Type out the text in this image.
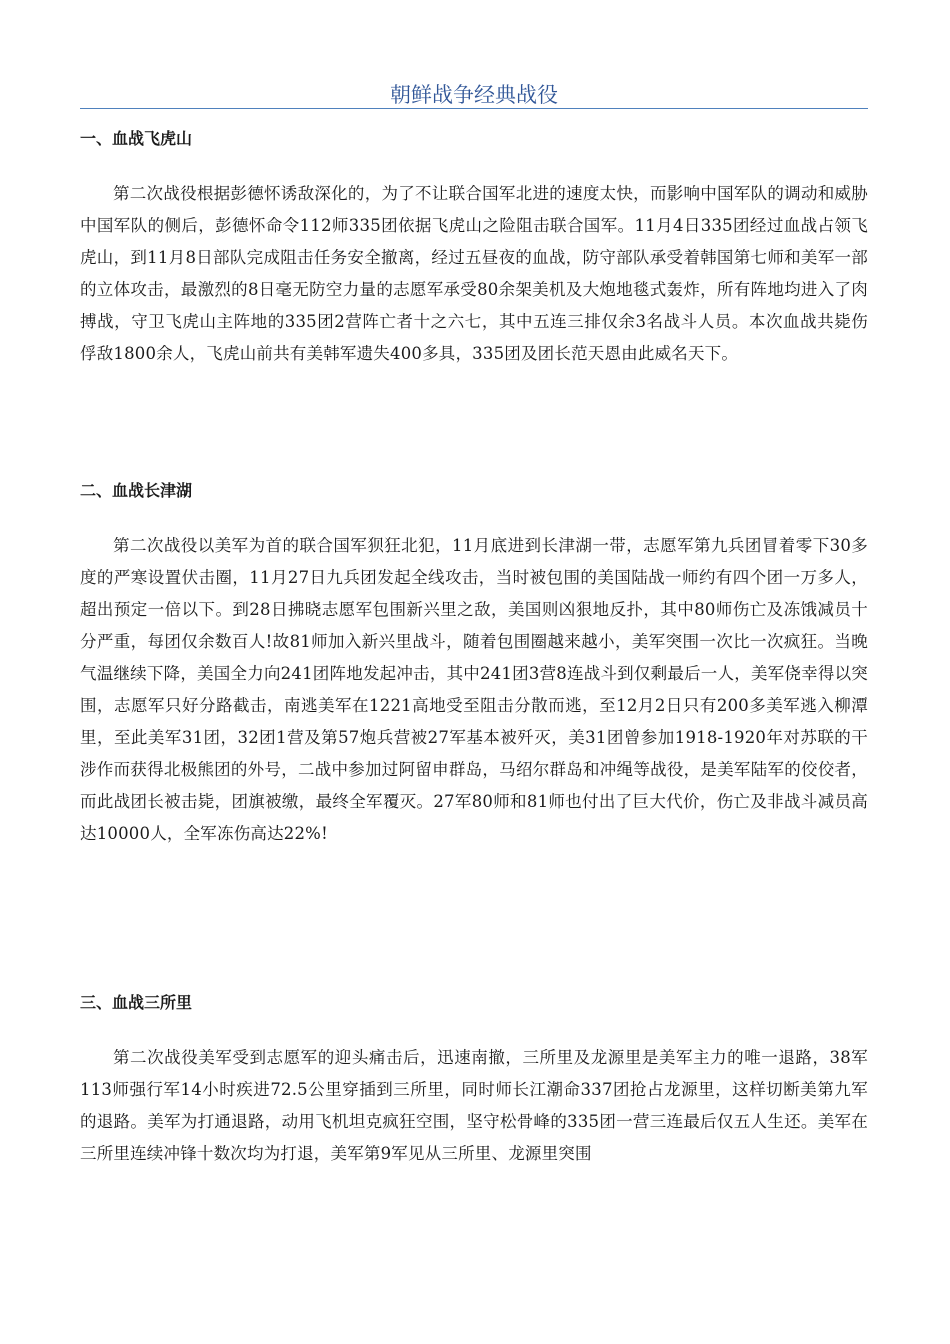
朝鲜战争经典战役
一、血战飞虎山

第二次战役根据彭德怀诱敌深化的，为了不让联合国军北进的速度太快，而影响中国军队的调动和威胁中国军队的侧后，彭德怀命令112师335团依据飞虎山之险阻击联合国军。11月4日335团经过血战占领飞虎山，到11月8日部队完成阻击任务安全撤离，经过五昼夜的血战，防守部队承受着韩国第七师和美军一部的立体攻击，最激烈的8日毫无防空力量的志愿军承受80余架美机及大炮地毯式轰炸，所有阵地均进入了肉搏战，守卫飞虎山主阵地的335团2营阵亡者十之六七，其中五连三排仅余3名战斗人员。本次血战共毙伤俘敌1800余人，飞虎山前共有美韩军遗失400多具，335团及团长范天恩由此威名天下。

二、血战长津湖

第二次战役以美军为首的联合国军狈狂北犯，11月底进到长津湖一带，志愿军第九兵团冒着零下30多度的严寒设置伏击圈，11月27日九兵团发起全线攻击，当时被包围的美国陆战一师约有四个团一万多人，超出预定一倍以下。到28日拂晓志愿军包围新兴里之敌，美国则凶狠地反扑，其中80师伤亡及冻饿减员十分严重，每团仅余数百人!故81师加入新兴里战斗，随着包围圈越来越小，美军突围一次比一次疯狂。当晚气温继续下降，美国全力向241团阵地发起冲击，其中241团3营8连战斗到仅剩最后一人，美军侥幸得以突围，志愿军只好分路截击，南逃美军在1221高地受至阻击分散而逃，至12月2日只有200多美军逃入柳潭里，至此美军31团，32团1营及第57炮兵营被27军基本被歼灭，美31团曾参加1918-1920年对苏联的干涉作而获得北极熊团的外号，二战中参加过阿留申群岛，马绍尔群岛和冲绳等战役，是美军陆军的佼佼者，而此战团长被击毙，团旗被缴，最终全军覆灭。27军80师和81师也付出了巨大代价，伤亡及非战斗减员高达10000人，全军冻伤高达22%!

三、血战三所里

第二次战役美军受到志愿军的迎头痛击后，迅速南撤，三所里及龙源里是美军主力的唯一退路，38军113师强行军14小时疾进72.5公里穿插到三所里，同时师长江潮命337团抢占龙源里，这样切断美第九军的退路。美军为打通退路，动用飞机坦克疯狂空围，坚守松骨峰的335团一营三连最后仅五人生还。美军在三所里连续冲锋十数次均为打退，美军第9军见从三所里、龙源里突围
